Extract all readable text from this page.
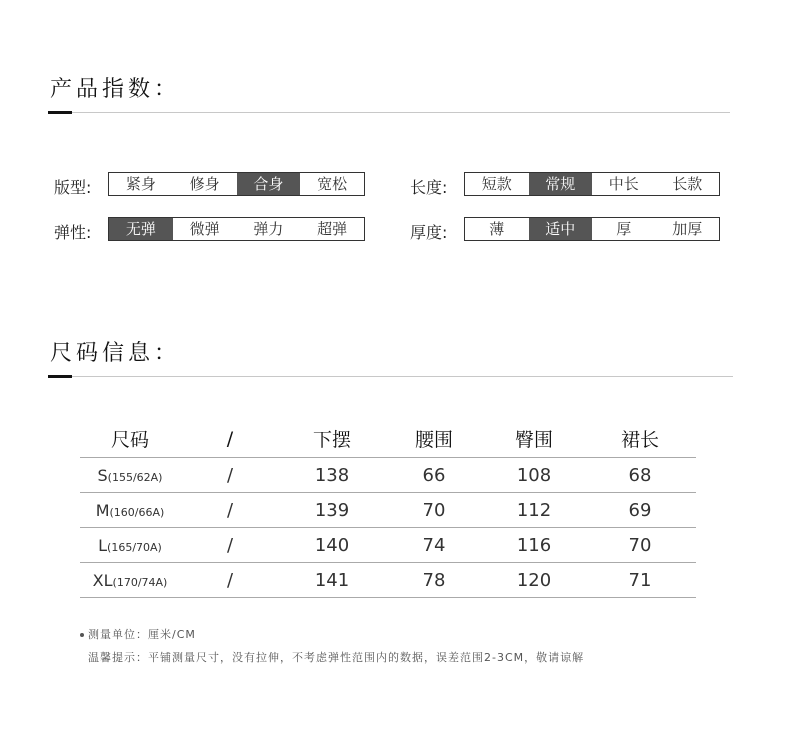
产品指数：
版型:	紧身	修身	合身	宽松	长度:	短款	常规	中长	长款
弹性:	无弹	微弹	弹力	超弹	厚度:	薄	适中	厚	加厚
尺码信息：
尺码	/	下摆	腰围	臀围	裙长
S(155/62A)	/	138	66	108	68
M(160/66A)	/	139	70	112	69
L(165/70A)	/	140	74	116	70
XL(170/74A)	/	141	78	120	71
测量单位：厘米/CM
温馨提示：平铺测量尺寸，没有拉伸，不考虑弹性范围内的数据，误差范围2-3CM，敬请谅解
